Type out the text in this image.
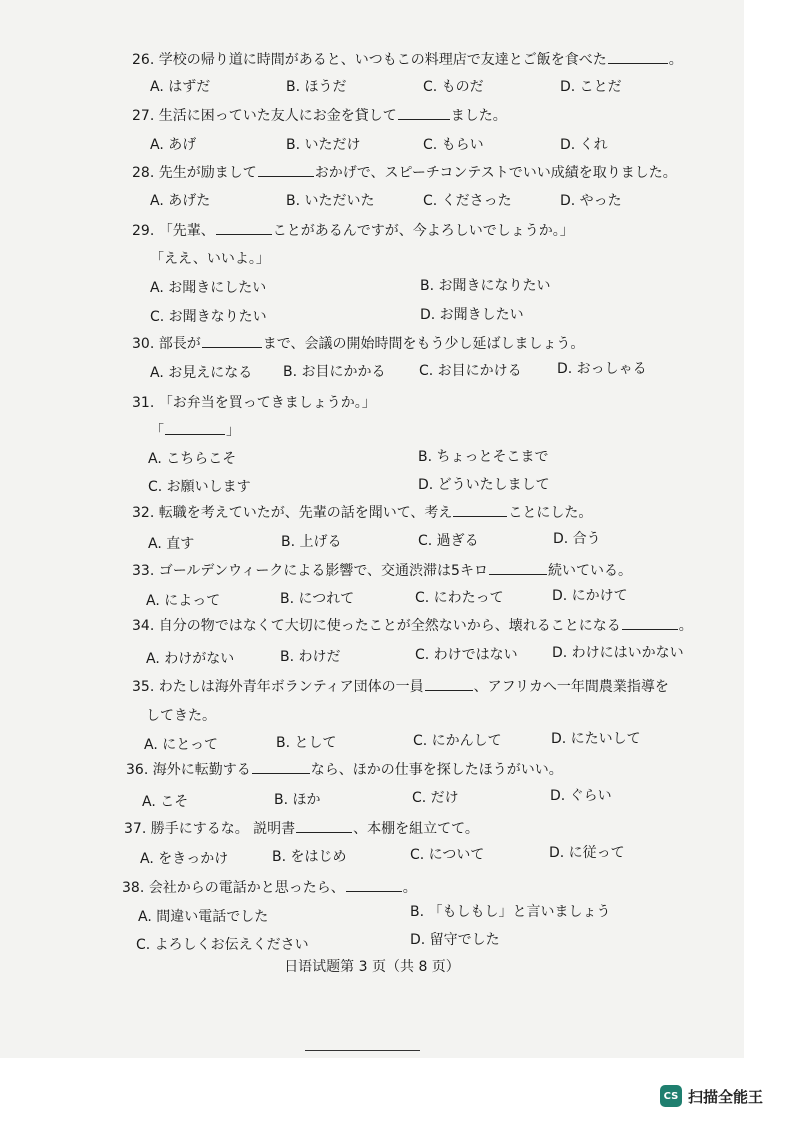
26. 学校の帰り道に時間があると、いつもこの料理店で友達とご飯を食べた	。
A. はずだ	B. ほうだ	C. ものだ	D. ことだ
27. 生活に困っていた友人にお金を貸して	ました。
A. あげ	B. いただけ	C. もらい	D. くれ
28. 先生が励まして	おかげで、スピーチコンテストでいい成績を取りました。
A. あげた	B. いただいた	C. くださった	D. やった
29. 「先輩、	ことがあるんですが、今よろしいでしょうか。」
「ええ、いいよ。」
A. お聞きにしたい	B. お聞きになりたい
C. お聞きなりたい	D. お聞きしたい
30. 部長が	まで、会議の開始時間をもう少し延ばしましょう。
A. お見えになる B. お目にかかる C. お目にかける	D. おっしゃる
31. 「お弁当を買ってきましょうか。」
「	」
A. こちらこそ	B. ちょっとそこまで
C. お願いします	D. どういたしまして
32. 転職を考えていたが、先輩の話を聞いて、考え	ことにした。
A. 直す	B. 上げる	C. 過ぎる	D. 合う
33. ゴールデンウィークによる影響で、交通渋滞は5キロ	続いている。
A. によって	B. につれて	C. にわたって	D. にかけて
34. 自分の物ではなくて大切に使ったことが全然ないから、壊れることになる	。
A. わけがない	B. わけだ	C. わけではない D. わけにはいかない
35. わたしは海外青年ボランティア団体の一員	、アフリカへ一年間農業指導を
してきた。
A. にとって	B. として	C. にかんして	D. にたいして
36. 海外に転勤する	なら、ほかの仕事を探したほうがいい。
A. こそ	B. ほか	C. だけ	D. ぐらい
37. 勝手にするな。 説明書	、本棚を組立てて。
A. をきっかけ	B. をはじめ	C. について	D. に従って
38. 会社からの電話かと思ったら、	。
A. 間違い電話でした	B. 「もしもし」と言いましょう
C. よろしくお伝えください	D. 留守でした
日语试题第 3 页（共 8 页）
CS 扫描全能王
